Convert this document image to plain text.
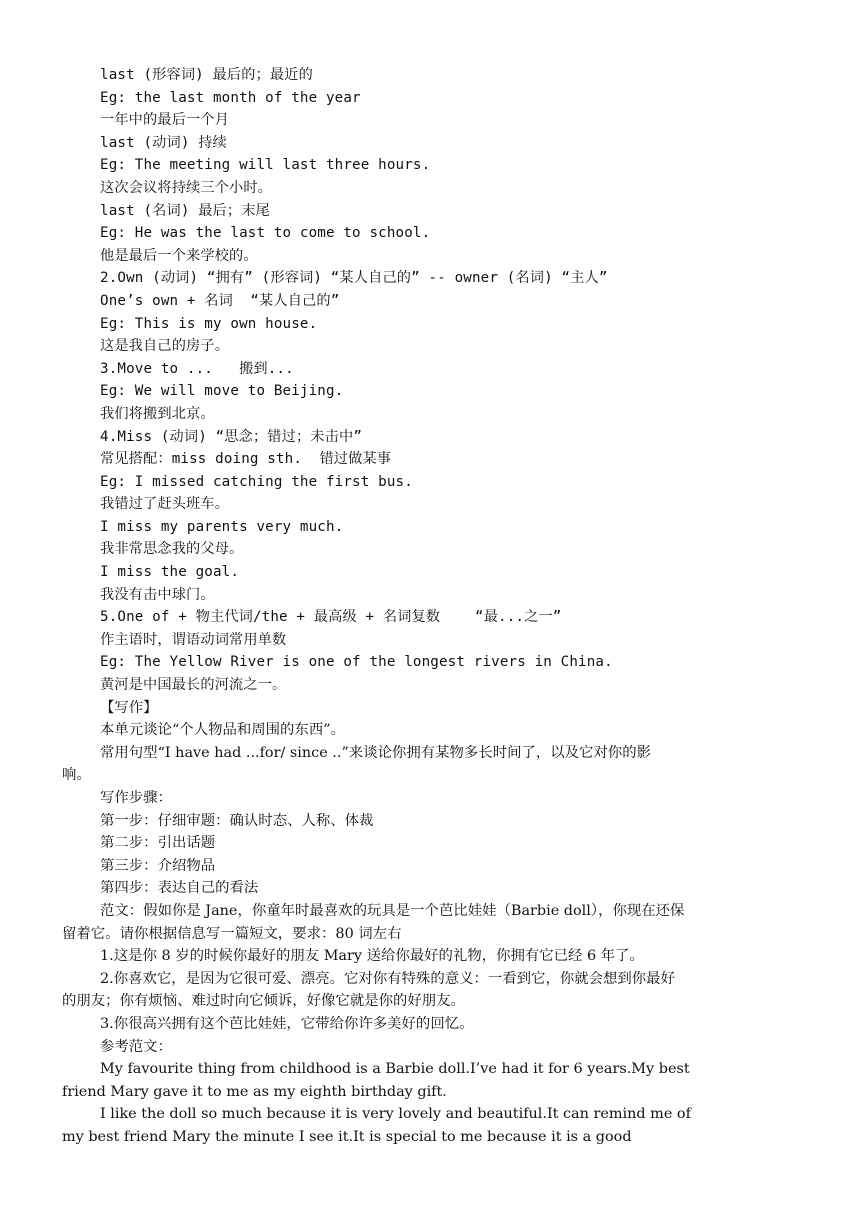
last (形容词) 最后的；最近的
Eg: the last month of the year
一年中的最后一个月
last (动词) 持续
Eg: The meeting will last three hours.
这次会议将持续三个小时。
last (名词) 最后；末尾
Eg: He was the last to come to school.
他是最后一个来学校的。
2.Own (动词) “拥有” (形容词) “某人自己的” -- owner (名词) “主人”
One’s own + 名词  “某人自己的”
Eg: This is my own house.
这是我自己的房子。
3.Move to ...   搬到...
Eg: We will move to Beijing.
我们将搬到北京。
4.Miss (动词) “思念；错过；未击中”
常见搭配：miss doing sth.  错过做某事
Eg: I missed catching the first bus.
我错过了赶头班车。
I miss my parents very much.
我非常思念我的父母。
I miss the goal.
我没有击中球门。
5.One of + 物主代词/the + 最高级 + 名词复数    “最...之一”
作主语时，谓语动词常用单数
Eg: The Yellow River is one of the longest rivers in China.
黄河是中国最长的河流之一。
【写作】
本单元谈论“个人物品和周围的东西”。
常用句型“I have had ...for/ since ..”来谈论你拥有某物多长时间了，以及它对你的影
响。
写作步骤：
第一步：仔细审题：确认时态、人称、体裁
第二步：引出话题
第三步：介绍物品
第四步：表达自己的看法
范文：假如你是 Jane，你童年时最喜欢的玩具是一个芭比娃娃（Barbie doll），你现在还保
留着它。请你根据信息写一篇短文，要求：80 词左右
1.这是你 8 岁的时候你最好的朋友 Mary 送给你最好的礼物，你拥有它已经 6 年了。
2.你喜欢它，是因为它很可爱、漂亮。它对你有特殊的意义：一看到它，你就会想到你最好
的朋友；你有烦恼、难过时向它倾诉，好像它就是你的好朋友。
3.你很高兴拥有这个芭比娃娃，它带给你许多美好的回忆。
参考范文：
My favourite thing from childhood is a Barbie doll.I’ve had it for 6 years.My best
friend Mary gave it to me as my eighth birthday gift.
I like the doll so much because it is very lovely and beautiful.It can remind me of
my best friend Mary the minute I see it.It is special to me because it is a good
